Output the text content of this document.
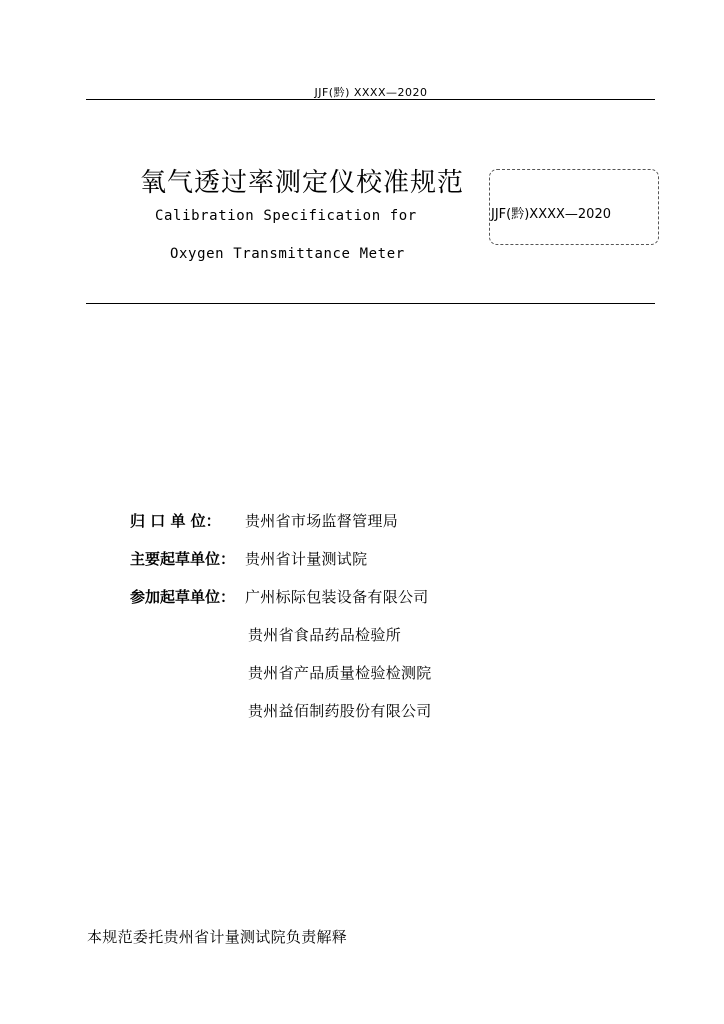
JJF(黔) XXXX—2020
氧气透过率测定仪校准规范
Calibration Specification for
Oxygen Transmittance Meter
JJF(黔)XXXX—2020
归 口 单 位： 贵州省市场监督管理局
主要起草单位： 贵州省计量测试院
参加起草单位： 广州标际包装设备有限公司
贵州省食品药品检验所
贵州省产品质量检验检测院
贵州益佰制药股份有限公司
本规范委托贵州省计量测试院负责解释
